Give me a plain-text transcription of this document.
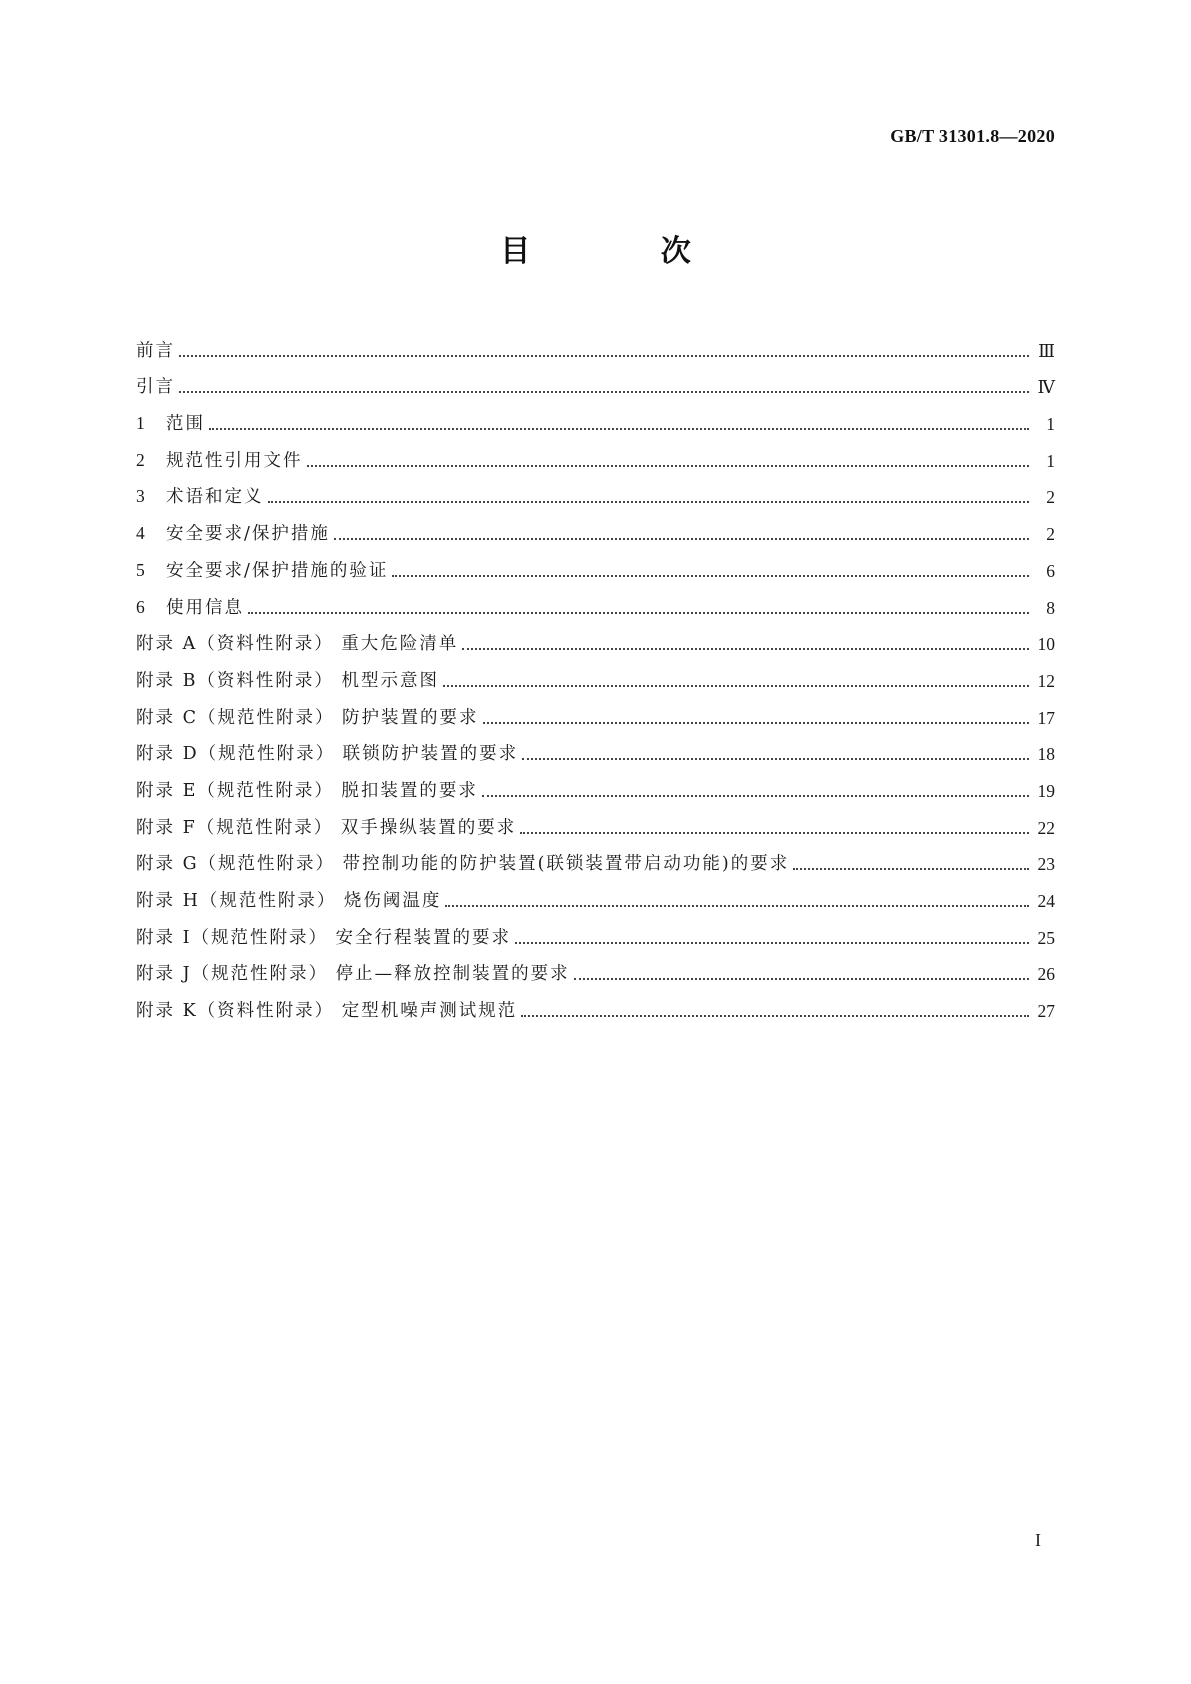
GB/T 31301.8—2020
目 次
前言	Ⅲ
引言	Ⅳ
1 范围	1
2 规范性引用文件	1
3 术语和定义	2
4 安全要求/保护措施	2
5 安全要求/保护措施的验证	6
6 使用信息	8
附录 A（资料性附录） 重大危险清单	10
附录 B（资料性附录） 机型示意图	12
附录 C（规范性附录） 防护装置的要求	17
附录 D（规范性附录） 联锁防护装置的要求	18
附录 E（规范性附录） 脱扣装置的要求	19
附录 F（规范性附录） 双手操纵装置的要求	22
附录 G（规范性附录） 带控制功能的防护装置(联锁装置带启动功能)的要求	23
附录 H（规范性附录） 烧伤阈温度	24
附录 I（规范性附录） 安全行程装置的要求	25
附录 J（规范性附录） 停止—释放控制装置的要求	26
附录 K（资料性附录） 定型机噪声测试规范	27
I
